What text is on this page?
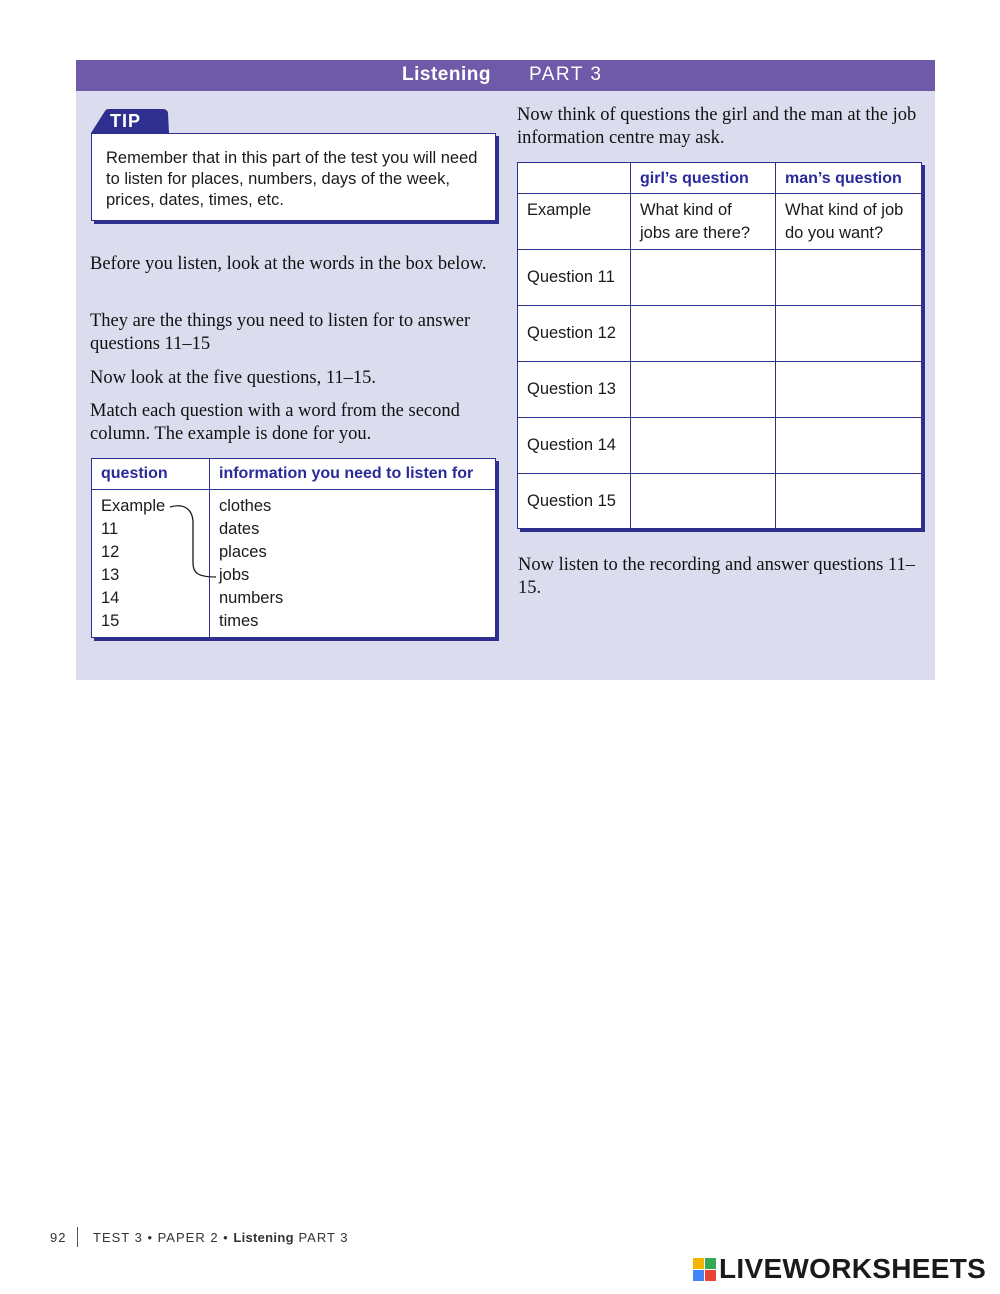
Listening PART 3
TIP
Remember that in this part of the test you will need to listen for places, numbers, days of the week, prices, dates, times, etc.
Before you listen, look at the words in the box below.
They are the things you need to listen for to answer questions 11–15
Now look at the five questions, 11–15.
Match each question with a word from the second column. The example is done for you.
question	information you need to listen for
Example
11
12
13
14
15
clothes
dates
places
jobs
numbers
times
Now think of questions the girl and the man at the job information centre may ask.
girl’s question man’s question
Example	What kind of
jobs are there?
What kind of job
do you want?
Question 11
Question 12
Question 13
Question 14
Question 15
Now listen to the recording and answer questions 11–15.
92 TEST 3 • PAPER 2 • Listening PART 3
LIVEWORKSHEETS
